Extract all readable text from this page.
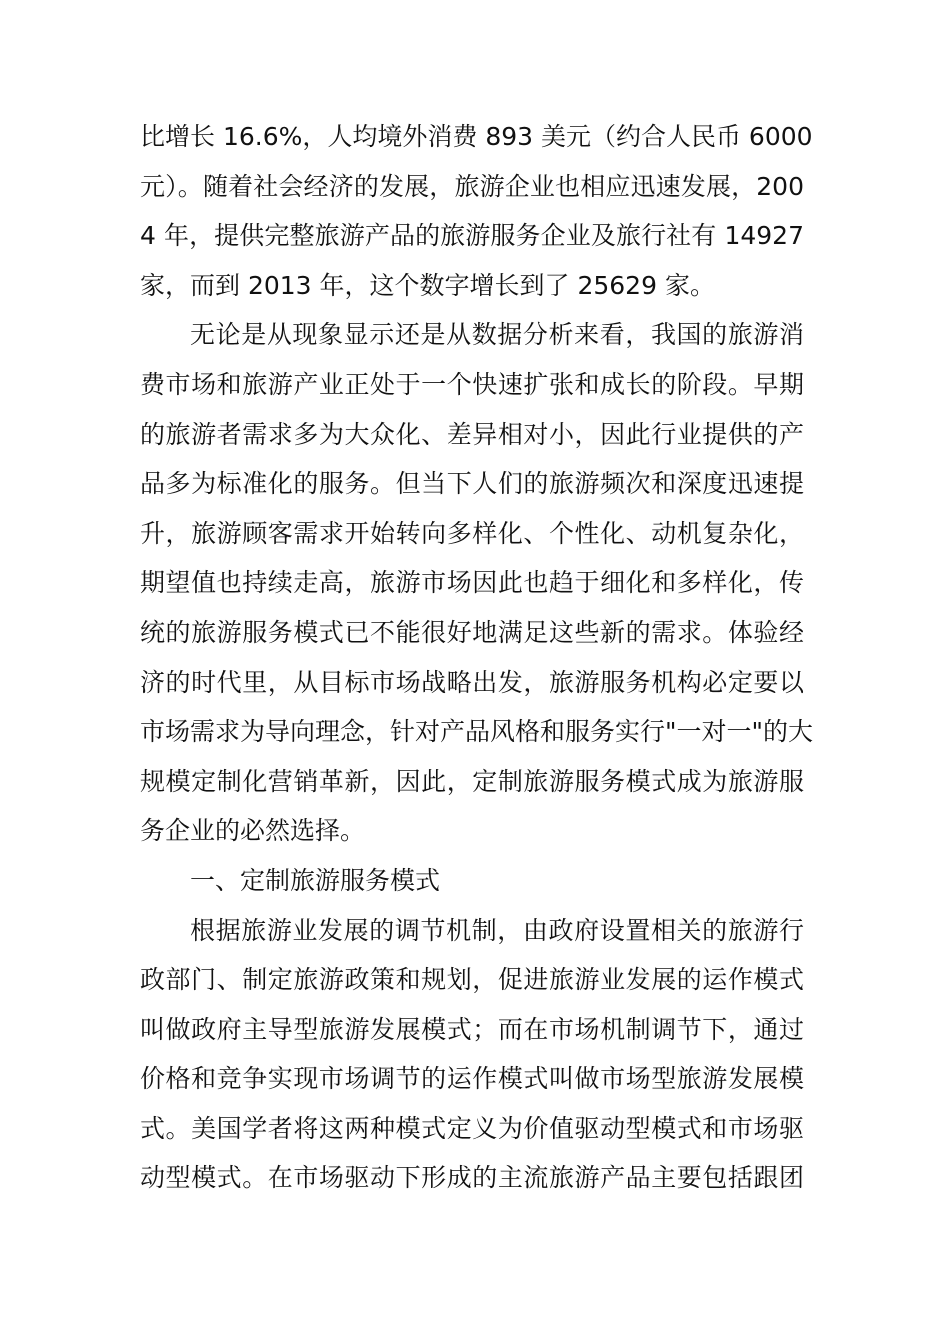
比增长 16.6%，人均境外消费 893 美元（约合人民币 6000
元）。随着社会经济的发展，旅游企业也相应迅速发展，200
4 年，提供完整旅游产品的旅游服务企业及旅行社有 14927
家，而到 2013 年，这个数字增长到了 25629 家。
无论是从现象显示还是从数据分析来看，我国的旅游消
费市场和旅游产业正处于一个快速扩张和成长的阶段。早期
的旅游者需求多为大众化、差异相对小，因此行业提供的产
品多为标准化的服务。但当下人们的旅游频次和深度迅速提
升，旅游顾客需求开始转向多样化、个性化、动机复杂化，
期望值也持续走高，旅游市场因此也趋于细化和多样化，传
统的旅游服务模式已不能很好地满足这些新的需求。体验经
济的时代里，从目标市场战略出发，旅游服务机构必定要以
市场需求为导向理念，针对产品风格和服务实行"一对一"的大
规模定制化营销革新，因此，定制旅游服务模式成为旅游服
务企业的必然选择。
一、定制旅游服务模式
根据旅游业发展的调节机制，由政府设置相关的旅游行
政部门、制定旅游政策和规划，促进旅游业发展的运作模式
叫做政府主导型旅游发展模式；而在市场机制调节下，通过
价格和竞争实现市场调节的运作模式叫做市场型旅游发展模
式。美国学者将这两种模式定义为价值驱动型模式和市场驱
动型模式。在市场驱动下形成的主流旅游产品主要包括跟团
